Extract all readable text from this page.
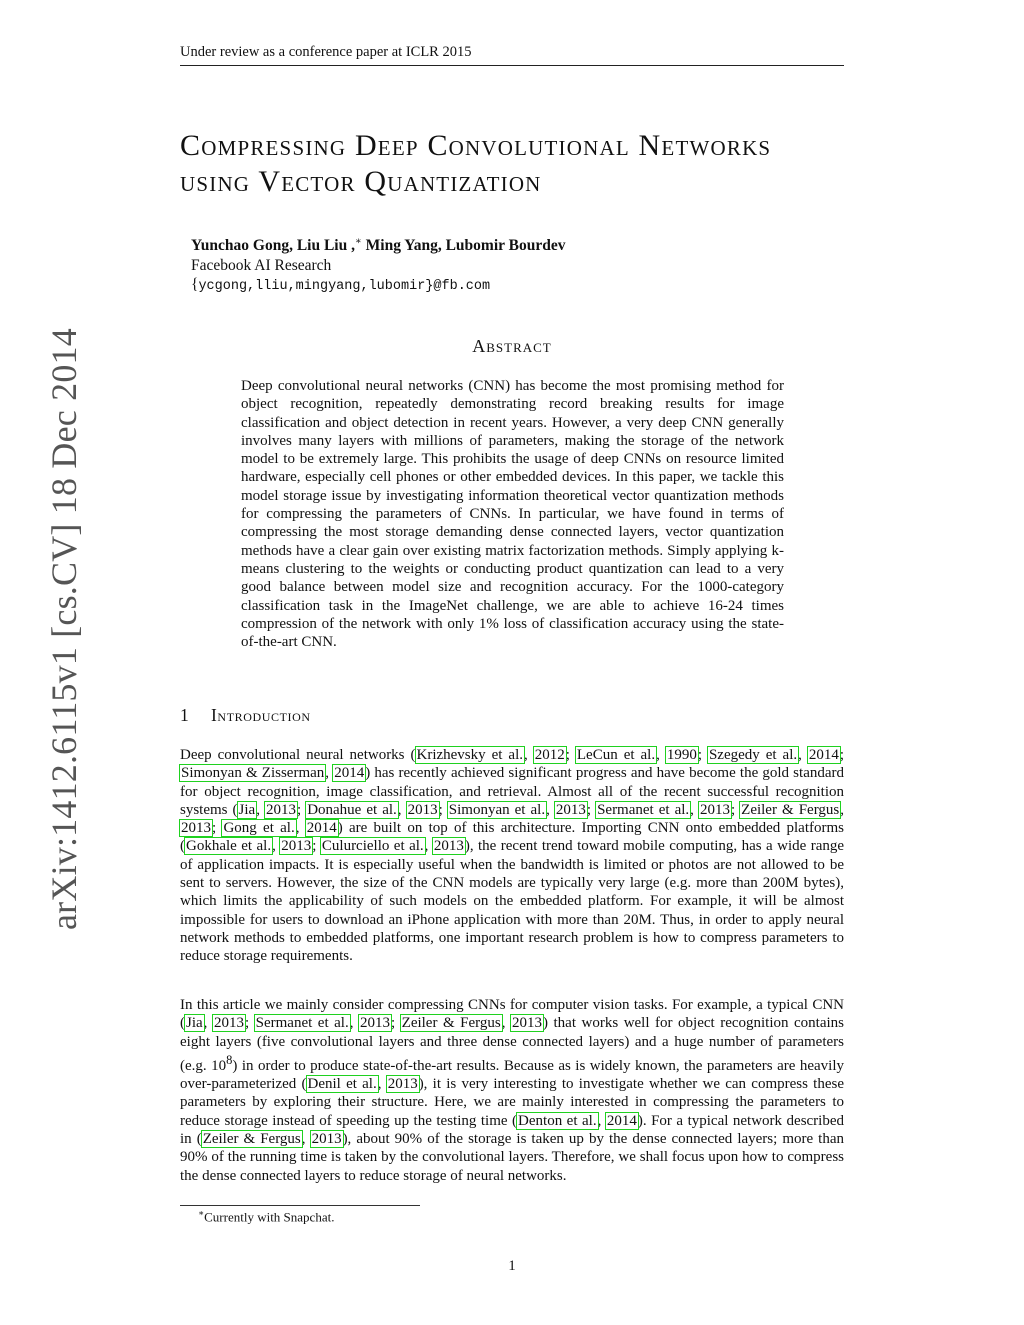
Under review as a conference paper at ICLR 2015
arXiv:1412.6115v1 [cs.CV] 18 Dec 2014
Compressing Deep Convolutional Networks
using Vector Quantization
Yunchao Gong, Liu Liu ,∗ Ming Yang, Lubomir Bourdev
Facebook AI Research
{ycgong,lliu,mingyang,lubomir}@fb.com
Abstract

Deep convolutional neural networks (CNN) has become the most promising method for object recognition, repeatedly demonstrating record breaking results for image classification and object detection in recent years. However, a very deep CNN generally involves many layers with millions of parameters, making the storage of the network model to be extremely large. This prohibits the usage of deep CNNs on resource limited hardware, especially cell phones or other embedded devices. In this paper, we tackle this model storage issue by investigating information theoretical vector quantization methods for compressing the parameters of CNNs. In particular, we have found in terms of compressing the most storage demanding dense connected layers, vector quantization methods have a clear gain over existing matrix factorization methods. Simply applying k-means clustering to the weights or conducting product quantization can lead to a very good balance between model size and recognition accuracy. For the 1000-category classification task in the ImageNet challenge, we are able to achieve 16-24 times compression of the network with only 1% loss of classification accuracy using the state-of-the-art CNN.

1 Introduction

Deep convolutional neural networks (Krizhevsky et al., 2012; LeCun et al., 1990; Szegedy et al., 2014; Simonyan & Zisserman, 2014) has recently achieved significant progress and have become the gold standard for object recognition, image classification, and retrieval. Almost all of the recent successful recognition systems (Jia, 2013; Donahue et al., 2013; Simonyan et al., 2013; Sermanet et al., 2013; Zeiler & Fergus, 2013; Gong et al., 2014) are built on top of this architecture. Importing CNN onto embedded platforms (Gokhale et al., 2013; Culurciello et al., 2013), the recent trend toward mobile computing, has a wide range of application impacts. It is especially useful when the bandwidth is limited or photos are not allowed to be sent to servers. However, the size of the CNN models are typically very large (e.g. more than 200M bytes), which limits the applicability of such models on the embedded platform. For example, it will be almost impossible for users to download an iPhone application with more than 20M. Thus, in order to apply neural network methods to embedded platforms, one important research problem is how to compress parameters to reduce storage requirements.

In this article we mainly consider compressing CNNs for computer vision tasks. For example, a typical CNN (Jia, 2013; Sermanet et al., 2013; Zeiler & Fergus, 2013) that works well for object recognition contains eight layers (five convolutional layers and three dense connected layers) and a huge number of parameters (e.g. $10^8$) in order to produce state-of-the-art results. Because as is widely known, the parameters are heavily over-parameterized (Denil et al., 2013), it is very interesting to investigate whether we can compress these parameters by exploring their structure. Here, we are mainly interested in compressing the parameters to reduce storage instead of speeding up the testing time (Denton et al., 2014). For a typical network described in (Zeiler & Fergus, 2013), about 90% of the storage is taken up by the dense connected layers; more than 90% of the running time is taken by the convolutional layers. Therefore, we shall focus upon how to compress the dense connected layers to reduce storage of neural networks.

∗Currently with Snapchat.
1
